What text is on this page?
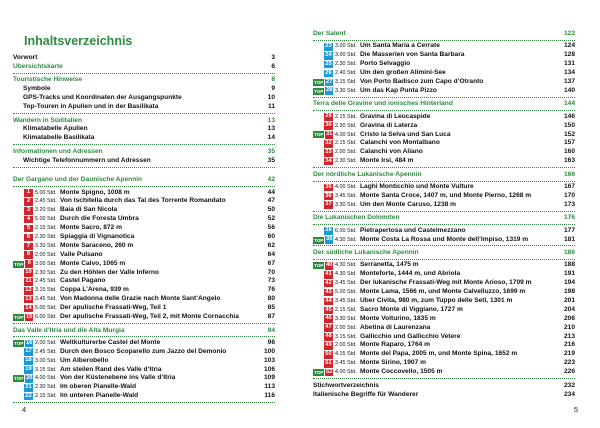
Inhaltsverzeichnis
Vorwort	3
Übersichtskarte	6
Touristische Hinweise	8
Symbole	9
GPS-Tracks und Koordinaten der Ausgangspunkte	10
Top-Touren in Apulien und in der Basilikata	11
Wandern in Süditalien	13
Klimatabelle Apulien	13
Klimatabelle Basilikata	14
Informationen und Adressen	35
Wichtige Telefonnummern und Adressen	35
Der Gargano und der Daunische Apennin	42
1 5.00 Std. Monte Spigno, 1008 m	44
2 2.45 Std. Von Ischitella durch das Tal des Torrente Romandato	47
3 3.20 Std. Baia di San Nicola	50
4 5.00 Std. Durch die Foresta Umbra	52
5 2.15 Std. Monte Sacro, 872 m	56
6 2.30 Std. Spiaggia di Vignanotica	60
7 3.30 Std. Monte Saraceno, 260 m	62
8 2.00 Std. Valle Pulsano	64
TOP 9 3.00 Std. Monte Calvo, 1065 m	67
10 2.30 Std. Zu den Höhlen der Valle Inferno	70
11 2.45 Std. Castel Pagano	73
12 3.15 Std. Coppa L’Arena, 939 m	76
13 3.45 Std. Von Madonna delle Grazie nach Monte Sant’Angelo	80
14 5.00 Std. Der apulische Frassati-Weg, Teil 1	85
TOP 15 6.00 Std. Der apulische Frassati-Weg, Teil 2, mit Monte Cornacchia	87
Das Valle d’Itria und die Alta Murgia	94
TOP 16 2.00 Std. Weltkulturerbe Castel del Monte	96
17 2.45 Std. Durch den Bosco Scoparello zum Jazzo del Demonio	100
18 3.00 Std. Um Alberobello	103
19 3.15 Std. Am steilen Rand des Valle d’Itria	106
TOP 20 4.00 Std. Von der Küstenebene ins Valle d’Itria	109
21 2.30 Std. Im oberen Pianelle-Wald	113
22 2.15 Std. Im unteren Pianelle-Wald	116
4
Der Salent	122
23 3.00 Std. Um Santa Maria a Cerrate	124
24 3.00 Std. Die Masserien von Santa Barbara	128
25 2.30 Std. Porto Selvaggio	131
26 2.40 Std. Um den großen Alimini-See	134
TOP 27 3.15 Std. Von Porto Badisco zum Capo d’Otranto	137
TOP 28 3.30 Std. Um das Kap Punta Pizzo	140
Terra delle Gravine und ionisches Hinterland	144
29 2.15 Std. Gravina di Leucaspide	146
30 2.30 Std. Gravina di Laterza	150
TOP 31 4.00 Std. Cristo la Selva und San Luca	152
32 2.15 Std. Calanchi von Montalbano	157
33 2.00 Std. Calanchi von Aliano	160
34 2.30 Std. Monte Irsi, 484 m	163
Der nördliche Lukanische Apennin	166
35 4.00 Std. Laghi Monticchio und Monte Vulture	167
36 3.45 Std. Monte Santa Croce, 1407 m, und Monte Pierno, 1268 m	170
37 3.30 Std. Um den Monte Caruso, 1238 m	173
Die Lukanischen Dolomiten	176
38 6.00 Std. Pietrapertosa und Castelmezzano	177
TOP 39 4.30 Std. Monte Costa La Rossa und Monte dell’Impiso, 1319 m	181
Der südliche Lukanische Apennin	186
TOP 40 4.30 Std. Serranetta, 1475 m	188
41 4.30 Std. Monteforte, 1444 m, und Abriola	191
42 3.45 Std. Der lukanische Frassati-Weg mit Monte Arioso, 1709 m	194
43 5.00 Std. Monte Lama, 1566 m, und Monte Calvelluzzo, 1699 m	198
44 3.45 Std. Über Civita, 980 m, zum Tuppo delle Seti, 1301 m	201
45 2.15 Std. Sacro Monte di Viggiano, 1727 m	204
46 3.30 Std. Monte Volturino, 1835 m	206
47 2.00 Std. Abetina di Laurenzana	210
48 3.15 Std. Gallicchio und Gallicchio Vetere	213
49 2.00 Std. Monte Raparo, 1764 m	216
50 4.15 Std. Monte del Papa, 2005 m, und Monte Spina, 1652 m	219
51 3.45 Std. Monte Sirino, 1907 m	223
TOP 52 4.00 Std. Monte Coccovello, 1505 m	226
Stichwortverzeichnis	232
Italienische Begriffe für Wanderer	234
5
